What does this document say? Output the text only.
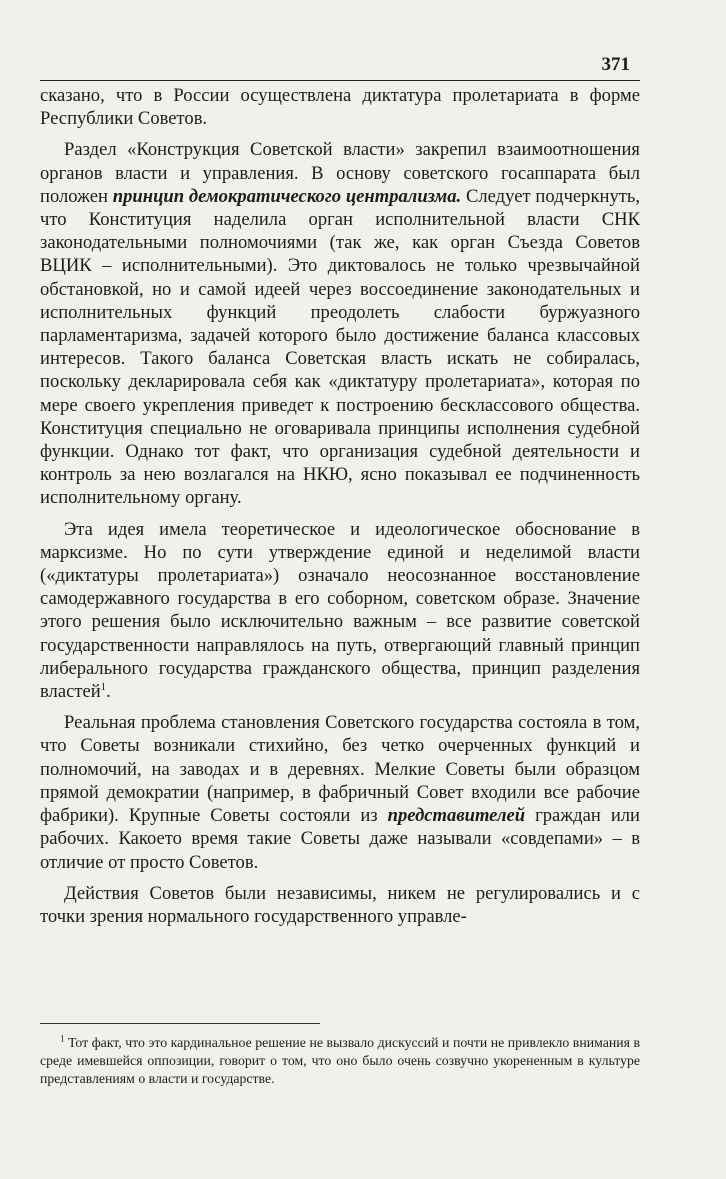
371

сказано, что в России осуществлена диктатура пролетариата в форме Республики Советов.

Раздел «Конструкция Советской власти» закрепил взаимоотношения органов власти и управления. В основу советского госаппарата был положен принцип демократического централизма. Следует подчеркнуть, что Конституция наделила орган исполнительной власти СНК законодательными полномочиями (так же, как орган Съезда Советов ВЦИК – исполнительными). Это диктовалось не только чрезвычайной обстановкой, но и самой идеей через воссоединение законодательных и исполнительных функций преодолеть слабости буржуазного парламентаризма, задачей которого было достижение баланса классовых интересов. Такого баланса Советская власть искать не собиралась, поскольку декларировала себя как «диктатуру пролетариата», которая по мере своего укрепления приведет к построению бесклассового общества. Конституция специально не оговаривала принципы исполнения судебной функции. Однако тот факт, что организация судебной деятельности и контроль за нею возлагался на НКЮ, ясно показывал ее подчиненность исполнительному органу.

Эта идея имела теоретическое и идеологическое обоснование в марксизме. Но по сути утверждение единой и неделимой власти («диктатуры пролетариата») означало неосознанное восстановление самодержавного государства в его соборном, советском образе. Значение этого решения было исключительно важным – все развитие советской государственности направлялось на путь, отвергающий главный принцип либерального государства гражданского общества, принцип разделения властей$^1$.

Реальная проблема становления Советского государства состояла в том, что Советы возникали стихийно, без четко очерченных функций и полномочий, на заводах и в деревнях. Мелкие Советы были образцом прямой демократии (например, в фабричный Совет входили все рабочие фабрики). Крупные Советы состояли из представителей граждан или рабочих. Какоето время такие Советы даже называли «совдепами» – в отличие от просто Советов.

Действия Советов были независимы, никем не регулировались и с точки зрения нормального государственного управле-

$^1$ Тот факт, что это кардинальное решение не вызвало дискуссий и почти не привлекло внимания в среде имевшейся оппозиции, говорит о том, что оно было очень созвучно укорененным в культуре представлениям о власти и государстве.
